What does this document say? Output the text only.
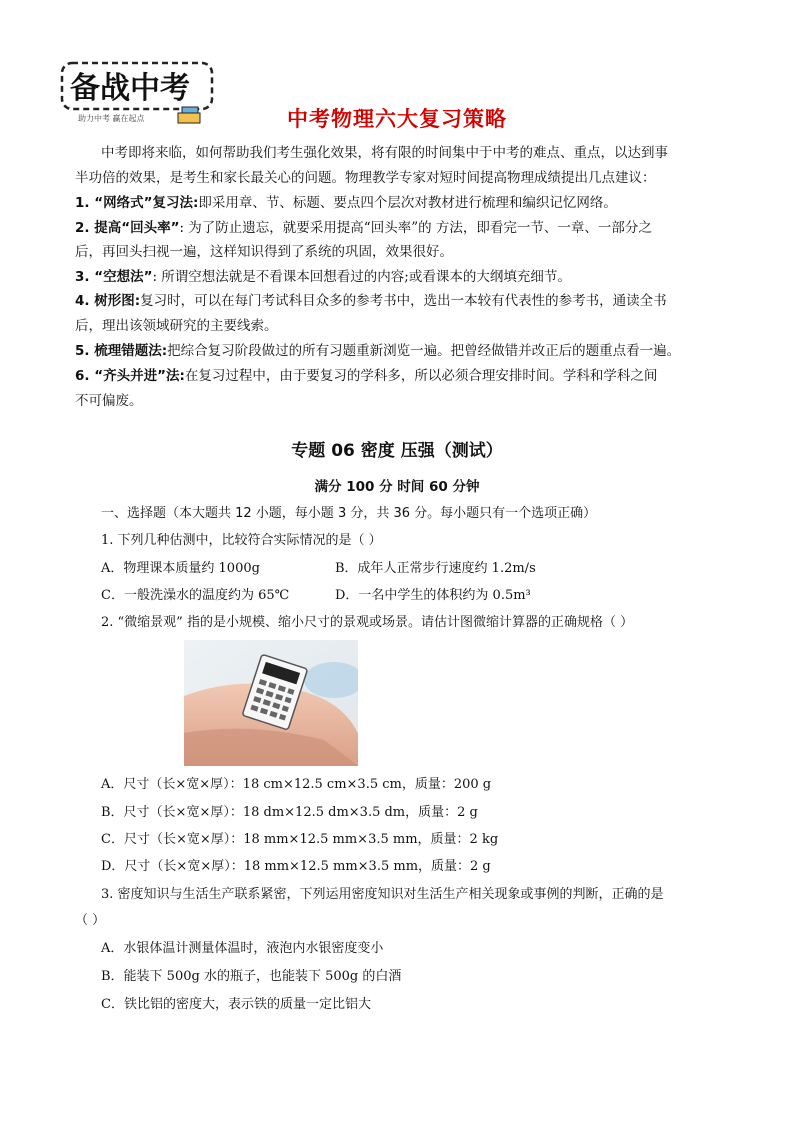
备战中考
助力中考 赢在起点	中考物理六大复习策略
中考即将来临，如何帮助我们考生强化效果，将有限的时间集中于中考的难点、重点，以达到事
半功倍的效果，是考生和家长最关心的问题。物理教学专家对短时间提高物理成绩提出几点建议：
1. “网络式”复习法:即采用章、节、标题、要点四个层次对教材进行梳理和编织记忆网络。
2. 提高“回头率”: 为了防止遗忘，就要采用提高“回头率”的 方法，即看完一节、一章、一部分之
后，再回头扫视一遍，这样知识得到了系统的巩固，效果很好。
3. “空想法”: 所谓空想法就是不看课本回想看过的内容;或看课本的大纲填充细节。
4. 树形图:复习时，可以在每门考试科目众多的参考书中，选出一本较有代表性的参考书，通读全书
后，理出该领域研究的主要线索。
5. 梳理错题法:把综合复习阶段做过的所有习题重新浏览一遍。把曾经做错并改正后的题重点看一遍。
6. “齐头并进”法:在复习过程中，由于要复习的学科多，所以必须合理安排时间。学科和学科之间
不可偏废。
专题 06 密度 压强（测试）
满分 100 分 时间 60 分钟
一、选择题（本大题共 12 小题，每小题 3 分，共 36 分。每小题只有一个选项正确）
1. 下列几种估测中，比较符合实际情况的是（ ）
A．物理课本质量约 1000g	B．成年人正常步行速度约 1.2m/s
C．一般洗澡水的温度约为 65℃	D．一名中学生的体积约为 0.5m³
2. “微缩景观” 指的是小规模、缩小尺寸的景观或场景。请估计图微缩计算器的正确规格（ ）
A．尺寸（长×宽×厚）：18 cm×12.5 cm×3.5 cm，质量：200 g
B．尺寸（长×宽×厚）：18 dm×12.5 dm×3.5 dm，质量：2 g
C．尺寸（长×宽×厚）：18 mm×12.5 mm×3.5 mm，质量：2 kg
D．尺寸（长×宽×厚）：18 mm×12.5 mm×3.5 mm，质量：2 g
3. 密度知识与生活生产联系紧密，下列运用密度知识对生活生产相关现象或事例的判断，正确的是
（ ）
A．水银体温计测量体温时，液泡内水银密度变小
B．能装下 500g 水的瓶子，也能装下 500g 的白酒
C．铁比铝的密度大，表示铁的质量一定比铝大
